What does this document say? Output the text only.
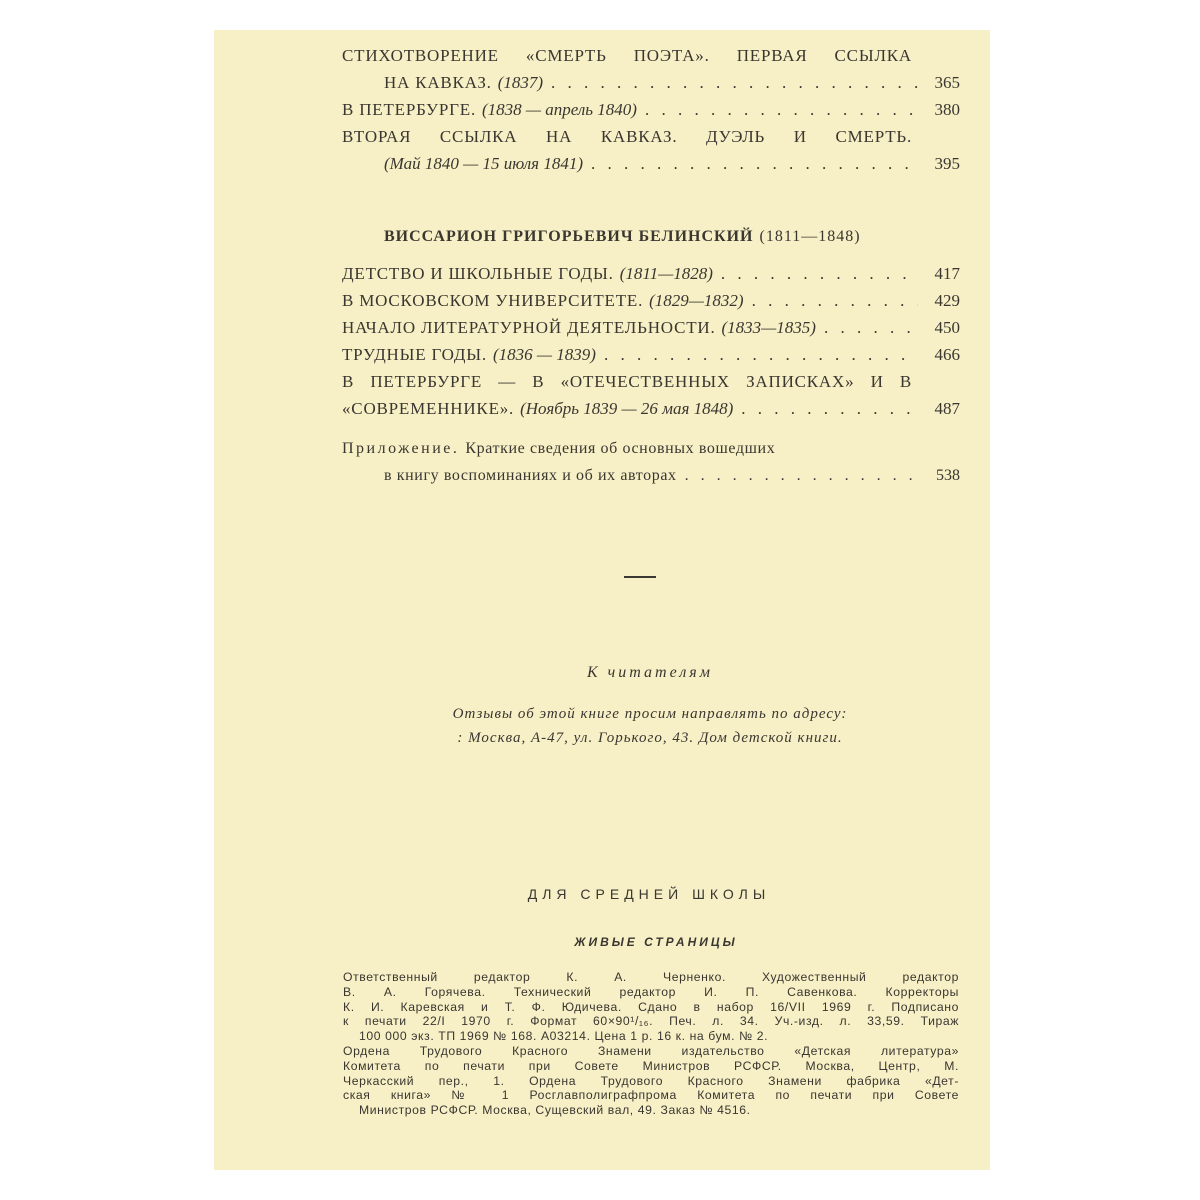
СТИХОТВОРЕНИЕ «СМЕРТЬ ПОЭТА». ПЕРВАЯ ССЫЛКА
НА КАВКАЗ. (1837) . . .	365
В ПЕТЕРБУРГЕ. (1838 — апрель 1840) . . .	380
ВТОРАЯ ССЫЛКА НА КАВКАЗ. ДУЭЛЬ И СМЕРТЬ.
(Май 1840 — 15 июля 1841) . . .	395
ВИССАРИОН ГРИГОРЬЕВИЧ БЕЛИНСКИЙ (1811—1848)
ДЕТСТВО И ШКОЛЬНЫЕ ГОДЫ. (1811—1828) . . .	417
В МОСКОВСКОМ УНИВЕРСИТЕТЕ. (1829—1832) . . .	429
НАЧАЛО ЛИТЕРАТУРНОЙ ДЕЯТЕЛЬНОСТИ. (1833—1835) . . .	450
ТРУДНЫЕ ГОДЫ. (1836 — 1839) . . .	466
В ПЕТЕРБУРГЕ — В «ОТЕЧЕСТВЕННЫХ ЗАПИСКАХ» И В
«СОВРЕМЕННИКЕ». (Ноябрь 1839 — 26 мая 1848) . . .	487
Приложение. Краткие сведения об основных вошедших
в книгу воспоминаниях и об их авторах . . .	538
К читателям
Отзывы об этой книге просим направлять по адресу:
: Москва, А-47, ул. Горького, 43. Дом детской книги.
ДЛЯ СРЕДНЕЙ ШКОЛЫ
ЖИВЫЕ СТРАНИЦЫ
Ответственный редактор К. А. Черненко. Художественный редактор
В. А. Горячева. Технический редактор И. П. Савенкова. Корректоры
К. И. Каревская и Т. Ф. Юдичева. Сдано в набор 16/VII 1969 г. Подписано
к печати 22/I 1970 г. Формат 60×90¹/₁₆. Печ. л. 34. Уч.-изд. л. 33,59. Тираж
100 000 экз. ТП 1969 № 168. А03214. Цена 1 р. 16 к. на бум. № 2.
Ордена Трудового Красного Знамени издательство «Детская литература»
Комитета по печати при Совете Министров РСФСР. Москва, Центр, М.
Черкасский пер., 1. Ордена Трудового Красного Знамени фабрика «Дет-
ская книга» № 1 Росглавполиграфпрома Комитета по печати при Совете
Министров РСФСР. Москва, Сущевский вал, 49. Заказ № 4516.
